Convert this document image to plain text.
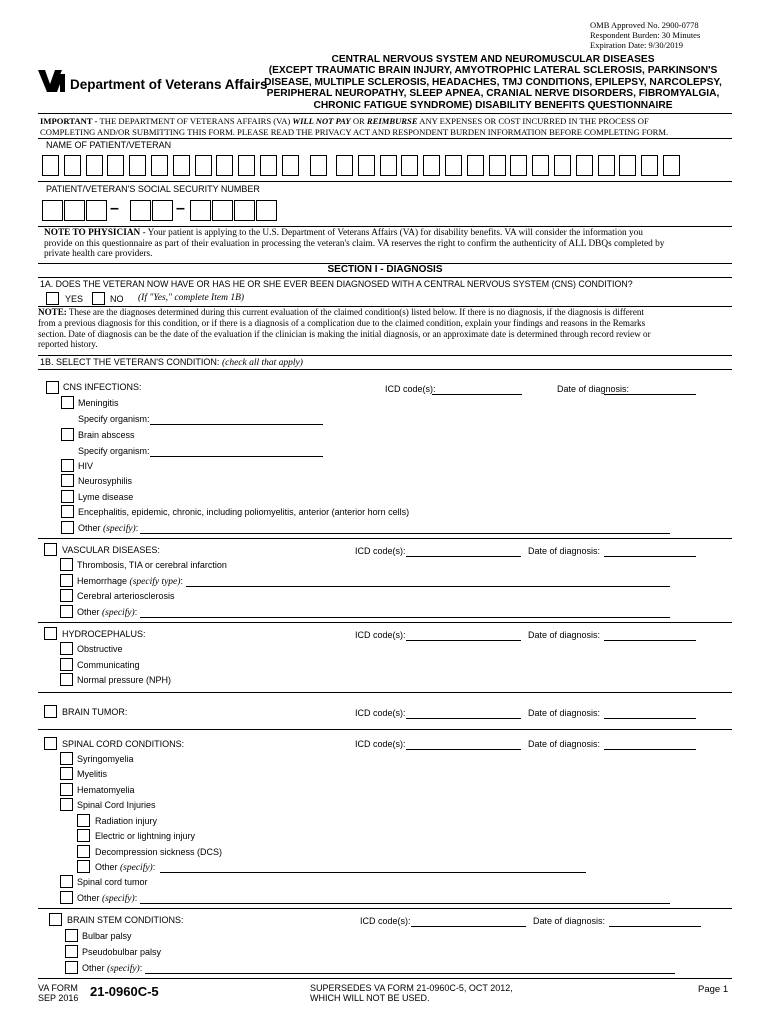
OMB Approved No. 2900-0778
Respondent Burden: 30 Minutes
Expiration Date: 9/30/2019
Department of Veterans Affairs
CENTRAL NERVOUS SYSTEM AND NEUROMUSCULAR DISEASES
(EXCEPT TRAUMATIC BRAIN INJURY, AMYOTROPHIC LATERAL SCLEROSIS, PARKINSON'S
DISEASE, MULTIPLE SCLEROSIS, HEADACHES, TMJ CONDITIONS, EPILEPSY, NARCOLEPSY,
PERIPHERAL NEUROPATHY, SLEEP APNEA, CRANIAL NERVE DISORDERS, FIBROMYALGIA,
CHRONIC FATIGUE SYNDROME) DISABILITY BENEFITS QUESTIONNAIRE
IMPORTANT - THE DEPARTMENT OF VETERANS AFFAIRS (VA) WILL NOT PAY OR REIMBURSE ANY EXPENSES OR COST INCURRED IN THE PROCESS OF
COMPLETING AND/OR SUBMITTING THIS FORM. PLEASE READ THE PRIVACY ACT AND RESPONDENT BURDEN INFORMATION BEFORE COMPLETING FORM.
NAME OF PATIENT/VETERAN
PATIENT/VETERAN'S SOCIAL SECURITY NUMBER
–	–
NOTE TO PHYSICIAN - Your patient is applying to the U.S. Department of Veterans Affairs (VA) for disability benefits. VA will consider the information you
provide on this questionnaire as part of their evaluation in processing the veteran's claim. VA reserves the right to confirm the authenticity of ALL DBQs completed by
private health care providers.
SECTION I - DIAGNOSIS
1A. DOES THE VETERAN NOW HAVE OR HAS HE OR SHE EVER BEEN DIAGNOSED WITH A CENTRAL NERVOUS SYSTEM (CNS) CONDITION?
YES	NO (If "Yes," complete Item 1B)
NOTE: These are the diagnoses determined during this current evaluation of the claimed condition(s) listed below. If there is no diagnosis, if the diagnosis is different
from a previous diagnosis for this condition, or if there is a diagnosis of a complication due to the claimed condition, explain your findings and reasons in the Remarks
section. Date of diagnosis can be the date of the evaluation if the clinician is making the initial diagnosis, or an approximate date is determined through record review or
reported history.
1B. SELECT THE VETERAN'S CONDITION: (check all that apply)
CNS INFECTIONS:	ICD code(s):	Date of diagnosis:
Meningitis
Specify organism:
Brain abscess
Specify organism:
HIV
Neurosyphilis
Lyme disease
Encephalitis, epidemic, chronic, including poliomyelitis, anterior (anterior horn cells)
Other (specify):
VASCULAR DISEASES:	ICD code(s):	Date of diagnosis:
Thrombosis, TIA or cerebral infarction
Hemorrhage (specify type):
Cerebral arteriosclerosis
Other (specify):
HYDROCEPHALUS:	ICD code(s):	Date of diagnosis:
Obstructive
Communicating
Normal pressure (NPH)
BRAIN TUMOR:	ICD code(s):	Date of diagnosis:
SPINAL CORD CONDITIONS:	ICD code(s):	Date of diagnosis:
Syringomyelia
Myelitis
Hematomyelia
Spinal Cord Injuries
Radiation injury
Electric or lightning injury
Decompression sickness (DCS)
Other (specify):
Spinal cord tumor
Other (specify):
BRAIN STEM CONDITIONS:	ICD code(s):	Date of diagnosis:
Bulbar palsy
Pseudobulbar palsy
Other (specify):
VA FORM
SEP 2016 21-0960C-5	SUPERSEDES VA FORM 21-0960C-5, OCT 2012,
WHICH WILL NOT BE USED.
Page 1
